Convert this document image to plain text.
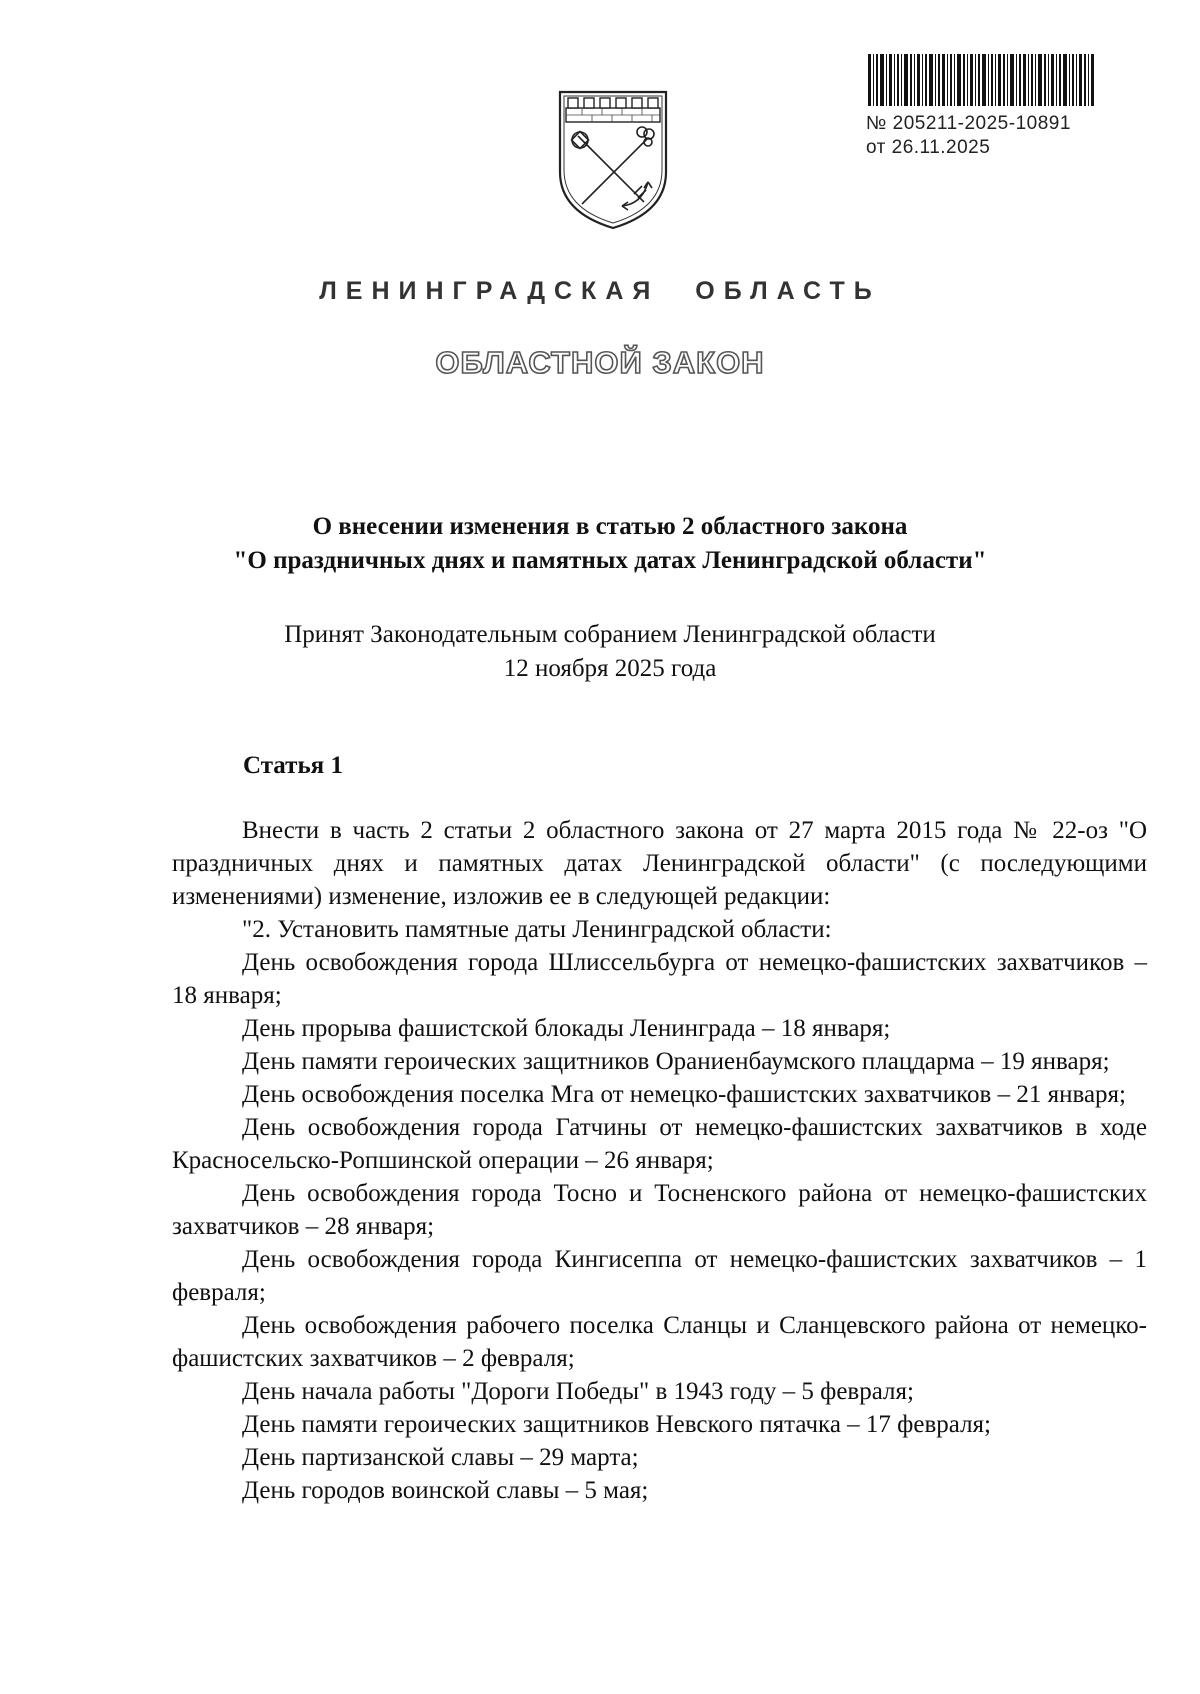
№ 205211-2025-10891
от 26.11.2025
ЛЕНИНГРАДСКАЯ ОБЛАСТЬ
ОБЛАСТНОЙ ЗАКОН
О внесении изменения в статью 2 областного закона
"О праздничных днях и памятных датах Ленинградской области"
Принят Законодательным собранием Ленинградской области
12 ноября 2025 года
Статья 1

Внести в часть 2 статьи 2 областного закона от 27 марта 2015 года № 22-оз "О праздничных днях и памятных датах Ленинградской области" (с последующими изменениями) изменение, изложив ее в следующей редакции:

"2. Установить памятные даты Ленинградской области:

День освобождения города Шлиссельбурга от немецко-фашистских захватчиков – 18 января;

День прорыва фашистской блокады Ленинграда – 18 января;

День памяти героических защитников Ораниенбаумского плацдарма – 19 января;

День освобождения поселка Мга от немецко-фашистских захватчиков – 21 января;

День освобождения города Гатчины от немецко-фашистских захватчиков в ходе Красносельско-Ропшинской операции – 26 января;

День освобождения города Тосно и Тосненского района от немецко-фашистских захватчиков – 28 января;

День освобождения города Кингисеппа от немецко-фашистских захватчиков – 1 февраля;

День освобождения рабочего поселка Сланцы и Сланцевского района от немецко-фашистских захватчиков – 2 февраля;

День начала работы "Дороги Победы" в 1943 году – 5 февраля;

День памяти героических защитников Невского пятачка – 17 февраля;

День партизанской славы – 29 марта;

День городов воинской славы – 5 мая;
